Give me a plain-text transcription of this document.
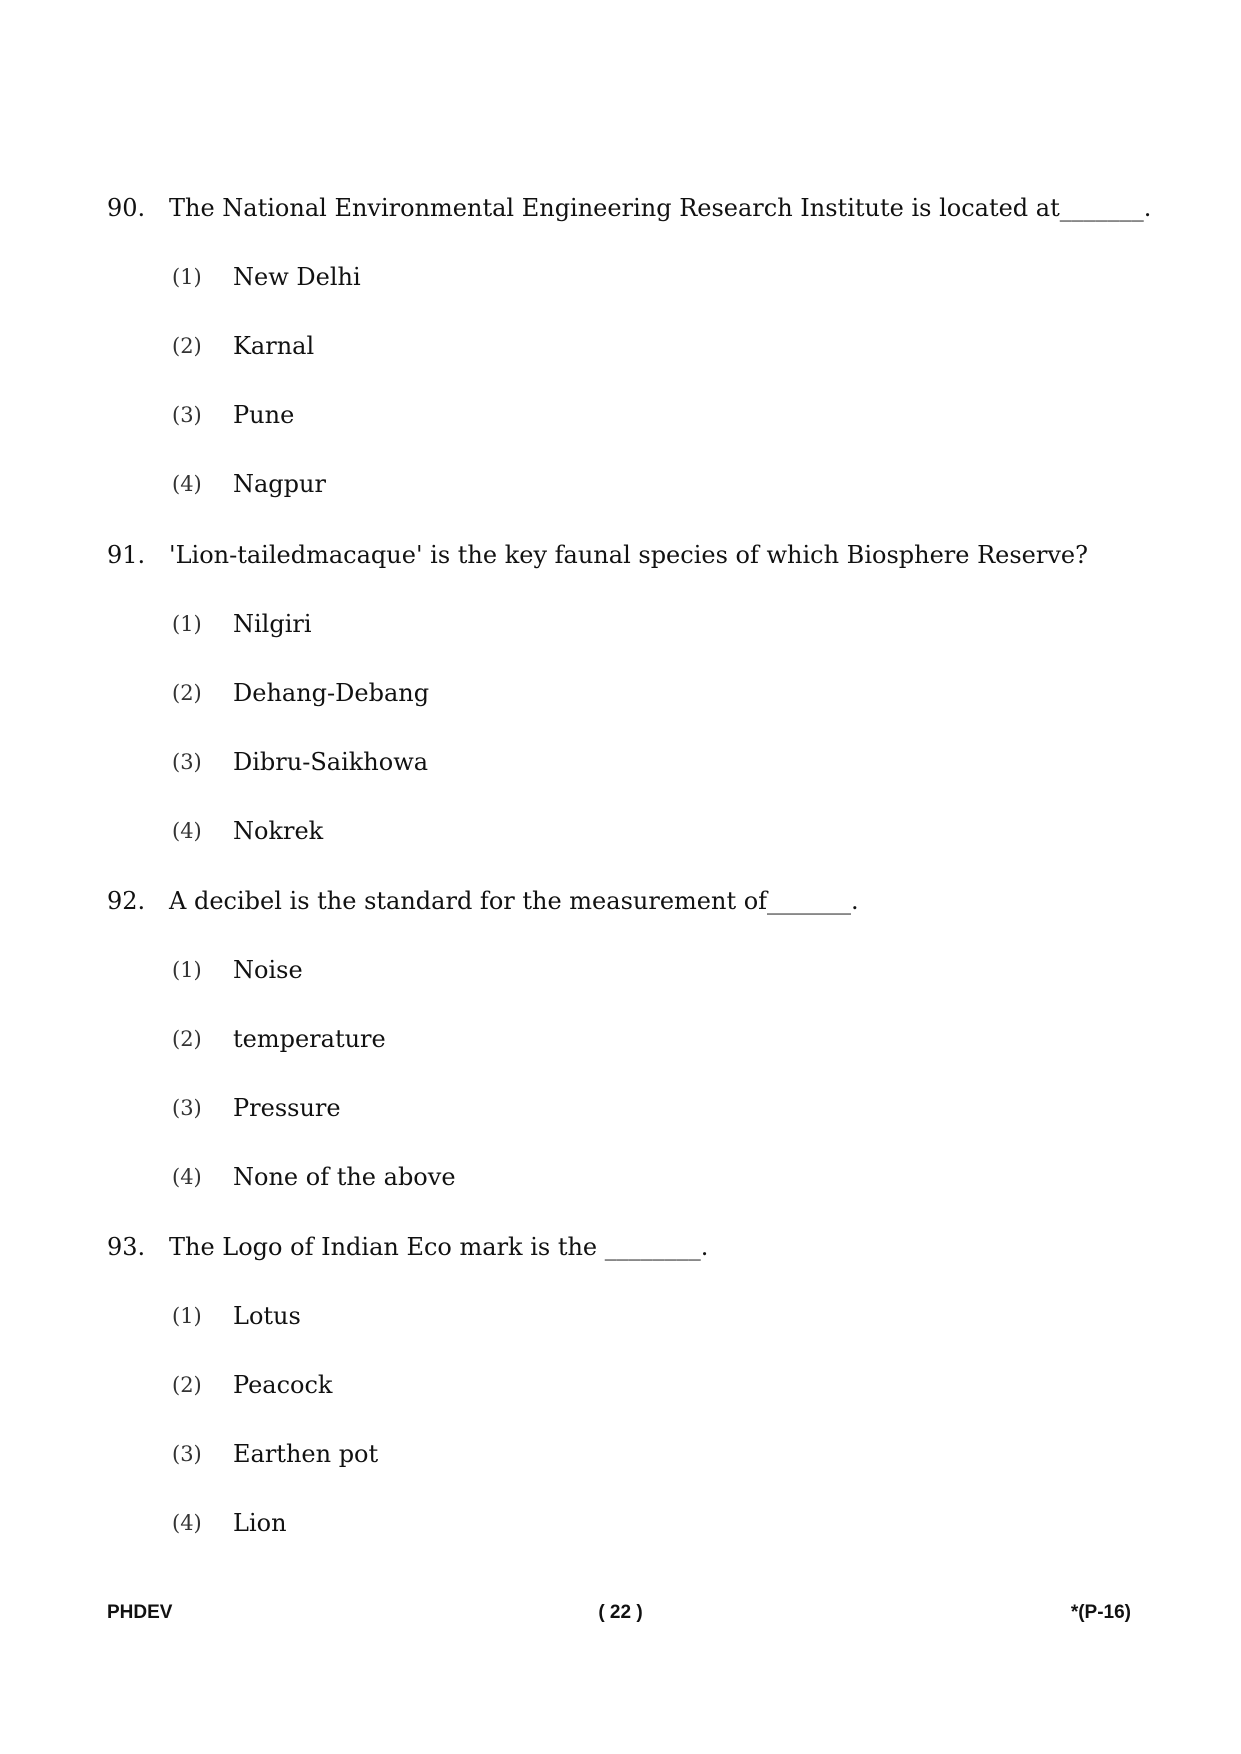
90. The National Environmental Engineering Research Institute is located at_______.
(1)	New Delhi
(2)	Karnal
(3)	Pune
(4)	Nagpur
91. 'Lion-tailedmacaque' is the key faunal species of which Biosphere Reserve?
(1)	Nilgiri
(2)	Dehang-Debang
(3)	Dibru-Saikhowa
(4)	Nokrek
92. A decibel is the standard for the measurement of_______.
(1)	Noise
(2)	temperature
(3)	Pressure
(4)	None of the above
93. The Logo of Indian Eco mark is the ________.
(1)	Lotus
(2)	Peacock
(3)	Earthen pot
(4)	Lion
PHDEV	( 22 )	*(P-16)
